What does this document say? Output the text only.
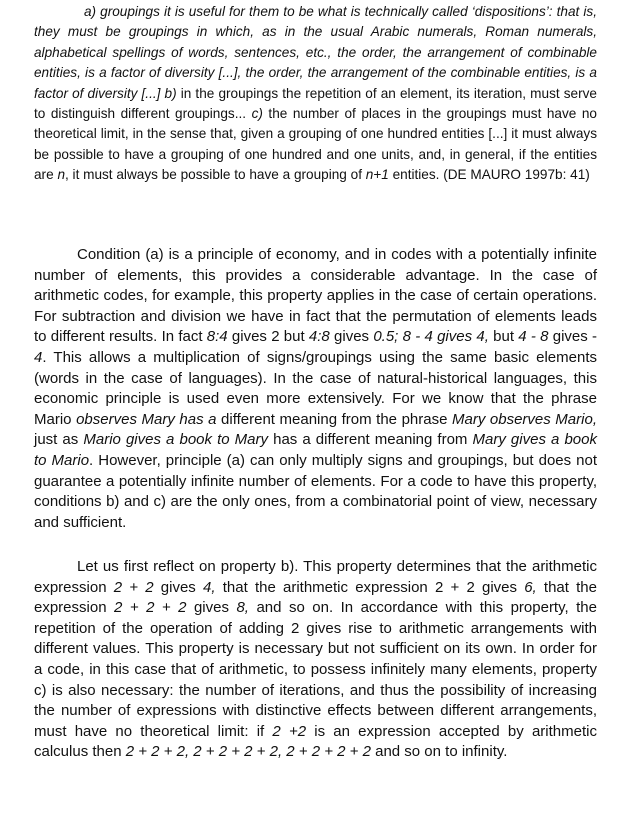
a) groupings it is useful for them to be what is technically called ‘dispositions’: that is, they must be groupings in which, as in the usual Arabic numerals, Roman numerals, alphabetical spellings of words, sentences, etc., the order, the arrangement of combinable entities, is a factor of diversity [...], the order, the arrangement of the combinable entities, is a factor of diversity [...] b) in the groupings the repetition of an element, its iteration, must serve to distinguish different groupings... c) the number of places in the groupings must have no theoretical limit, in the sense that, given a grouping of one hundred entities [...] it must always be possible to have a grouping of one hundred and one units, and, in general, if the entities are n, it must always be possible to have a grouping of n+1 entities. (DE MAURO 1997b: 41)

Condition (a) is a principle of economy, and in codes with a potentially infinite number of elements, this provides a considerable advantage. In the case of arithmetic codes, for example, this property applies in the case of certain operations. For subtraction and division we have in fact that the permutation of elements leads to different results. In fact 8:4 gives 2 but 4:8 gives 0.5; 8 - 4 gives 4, but 4 - 8 gives - 4. This allows a multiplication of signs/groupings using the same basic elements (words in the case of languages). In the case of natural-historical languages, this economic principle is used even more extensively. For we know that the phrase Mario observes Mary has a different meaning from the phrase Mary observes Mario, just as Mario gives a book to Mary has a different meaning from Mary gives a book to Mario. However, principle (a) can only multiply signs and groupings, but does not guarantee a potentially infinite number of elements. For a code to have this property, conditions b) and c) are the only ones, from a combinatorial point of view, necessary and sufficient.

Let us first reflect on property b). This property determines that the arithmetic expression 2 + 2 gives 4, that the arithmetic expression 2 + 2 gives 6, that the expression 2 + 2 + 2 gives 8, and so on. In accordance with this property, the repetition of the operation of adding 2 gives rise to arithmetic arrangements with different values. This property is necessary but not sufficient on its own. In order for a code, in this case that of arithmetic, to possess infinitely many elements, property c) is also necessary: the number of iterations, and thus the possibility of increasing the number of expressions with distinctive effects between different arrangements, must have no theoretical limit: if 2 +2 is an expression accepted by arithmetic calculus then 2 + 2 + 2, 2 + 2 + 2 + 2, 2 + 2 + 2 + 2 and so on to infinity.
